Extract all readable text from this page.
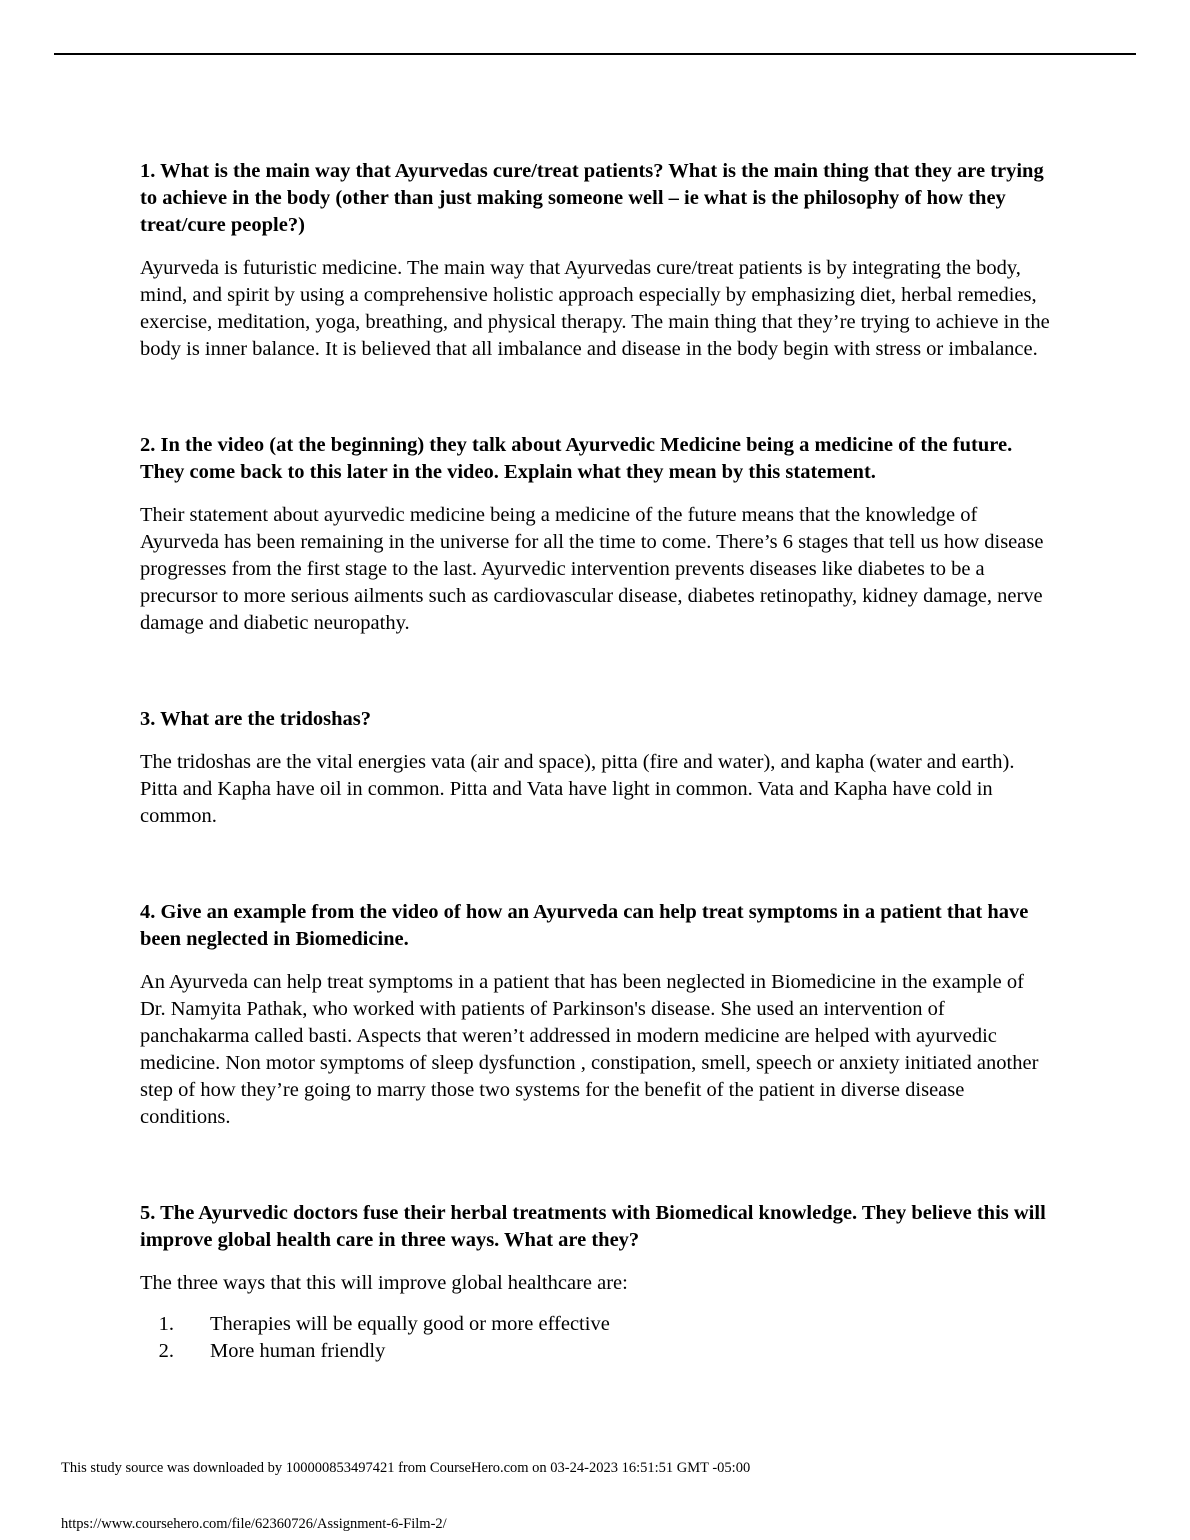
1. What is the main way that Ayurvedas cure/treat patients? What is the main thing that they are trying to achieve in the body (other than just making someone well – ie what is the philosophy of how they treat/cure people?)

Ayurveda is futuristic medicine. The main way that Ayurvedas cure/treat patients is by integrating the body, mind, and spirit by using a comprehensive holistic approach especially by emphasizing diet, herbal remedies, exercise, meditation, yoga, breathing, and physical therapy. The main thing that they’re trying to achieve in the body is inner balance. It is believed that all imbalance and disease in the body begin with stress or imbalance.

2. In the video (at the beginning) they talk about Ayurvedic Medicine being a medicine of the future. They come back to this later in the video. Explain what they mean by this statement.

Their statement about ayurvedic medicine being a medicine of the future means that the knowledge of Ayurveda has been remaining in the universe for all the time to come. There’s 6 stages that tell us how disease progresses from the first stage to the last. Ayurvedic intervention prevents diseases like diabetes to be a precursor to more serious ailments such as cardiovascular disease, diabetes retinopathy, kidney damage, nerve damage and diabetic neuropathy.

3. What are the tridoshas?

The tridoshas are the vital energies vata (air and space), pitta (fire and water), and kapha (water and earth). Pitta and Kapha have oil in common. Pitta and Vata have light in common. Vata and Kapha have cold in common.

4. Give an example from the video of how an Ayurveda can help treat symptoms in a patient that have been neglected in Biomedicine.

An Ayurveda can help treat symptoms in a patient that has been neglected in Biomedicine in the example of Dr. Namyita Pathak, who worked with patients of Parkinson's disease. She used an intervention of panchakarma called basti. Aspects that weren’t addressed in modern medicine are helped with ayurvedic medicine. Non motor symptoms of sleep dysfunction , constipation, smell, speech or anxiety initiated another step of how they’re going to marry those two systems for the benefit of the patient in diverse disease conditions.

5. The Ayurvedic doctors fuse their herbal treatments with Biomedical knowledge. They believe this will improve global health care in three ways. What are they?

The three ways that this will improve global healthcare are:

1. Therapies will be equally good or more effective
2. More human friendly
This study source was downloaded by 100000853497421 from CourseHero.com on 03-24-2023 16:51:51 GMT -05:00
https://www.coursehero.com/file/62360726/Assignment-6-Film-2/
